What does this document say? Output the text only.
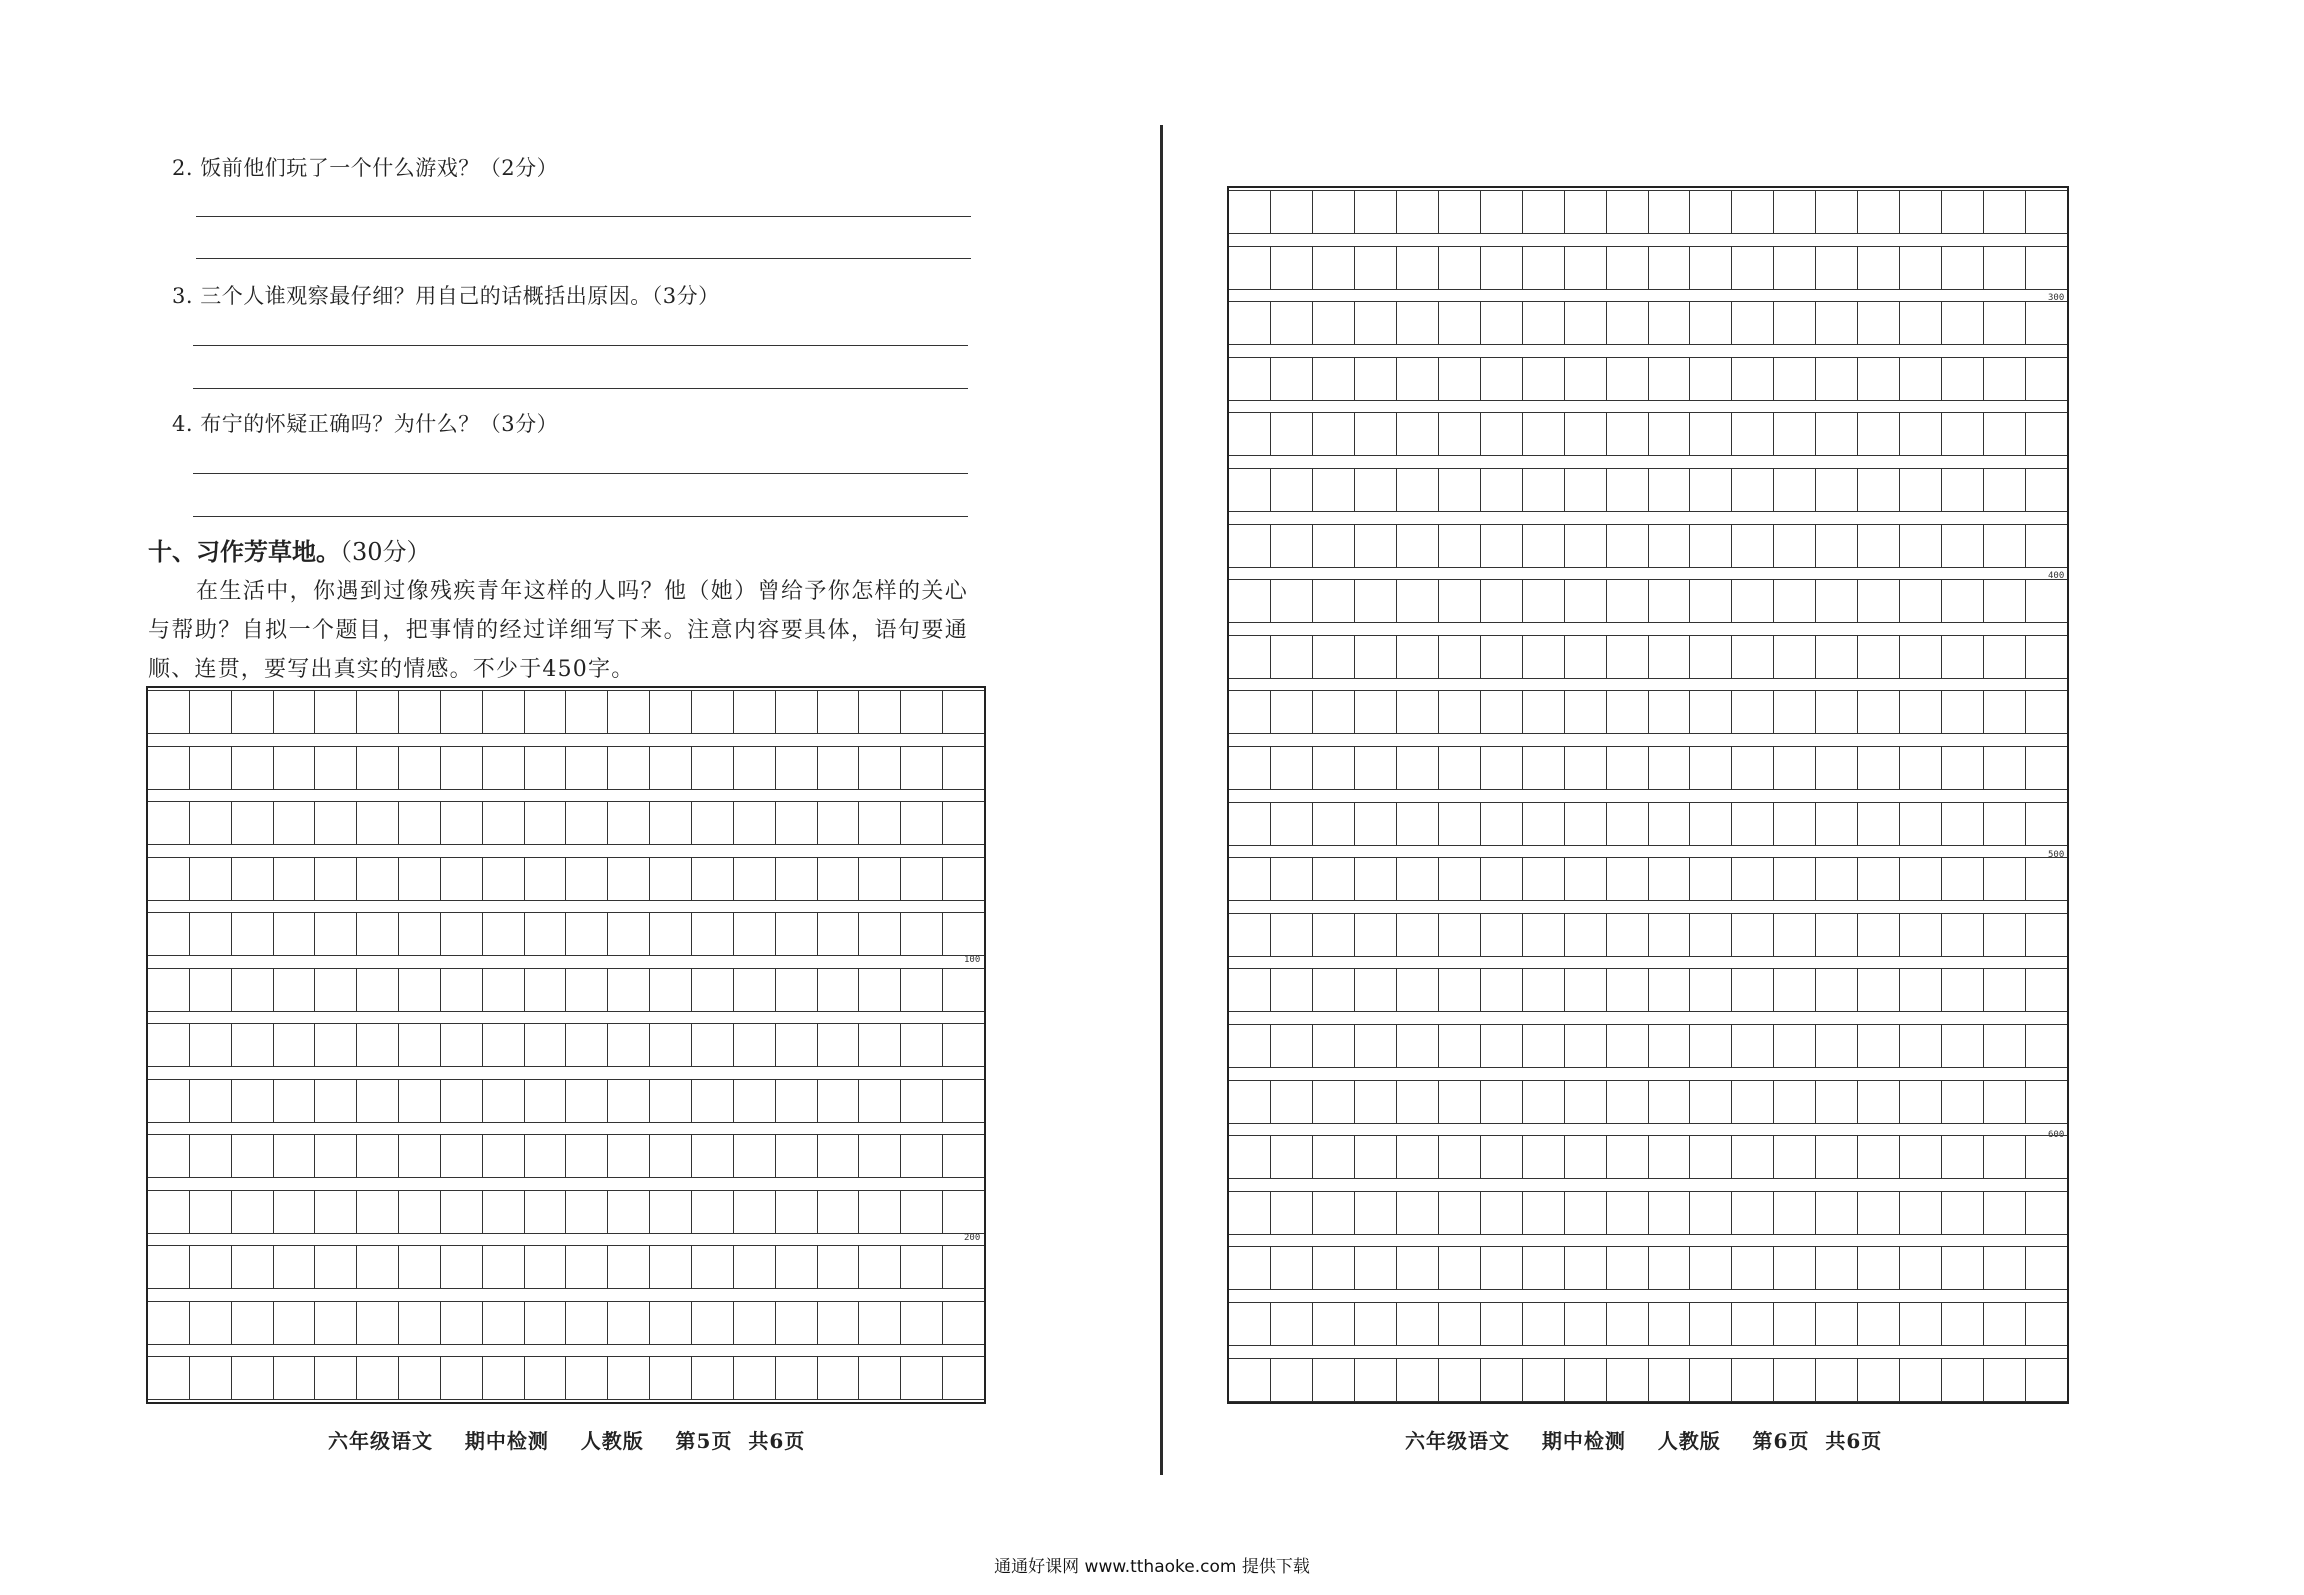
2. 饭前他们玩了一个什么游戏？（2分）
3. 三个人谁观察最仔细？用自己的话概括出原因。（3分）
4. 布宁的怀疑正确吗？为什么？（3分）
十、习作芳草地。（30分）
在生活中，你遇到过像残疾青年这样的人吗？他（她）曾给予你怎样的关心与帮助？自拟一个题目，把事情的经过详细写下来。注意内容要具体，语句要通顺、连贯，要写出真实的情感。不少于450字。
100
200
六年级语文    期中检测    人教版    第5页  共6页
300
400
500
600
六年级语文    期中检测    人教版    第6页  共6页
通通好课网 www.tthaoke.com 提供下载
